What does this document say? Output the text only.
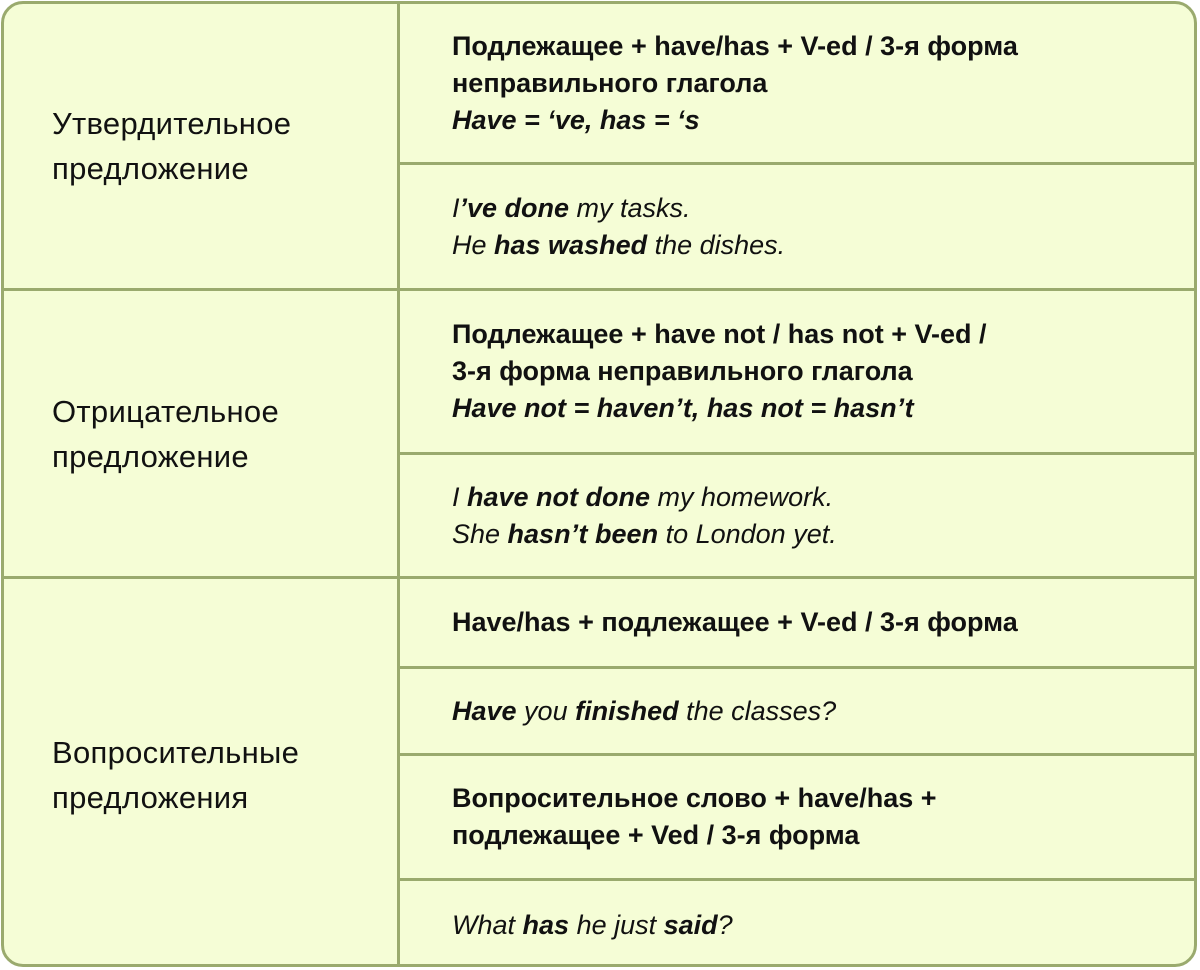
Утвердительное
предложение
Подлежащее + have/has + V-ed / 3-я форма
неправильного глагола
Have = ‘ve, has = ‘s
I’ve done my tasks.
He has washed the dishes.
Отрицательное
предложение
Подлежащее + have not / has not + V-ed /
3-я форма неправильного глагола
Have not = haven’t, has not = hasn’t
I have not done my homework.
She hasn’t been to London yet.
Вопросительные
предложения
Have/has + подлежащее + V-ed / 3-я форма
Have you finished the classes?
Вопросительное слово + have/has +
подлежащее + Ved / 3-я форма
What has he just said?
